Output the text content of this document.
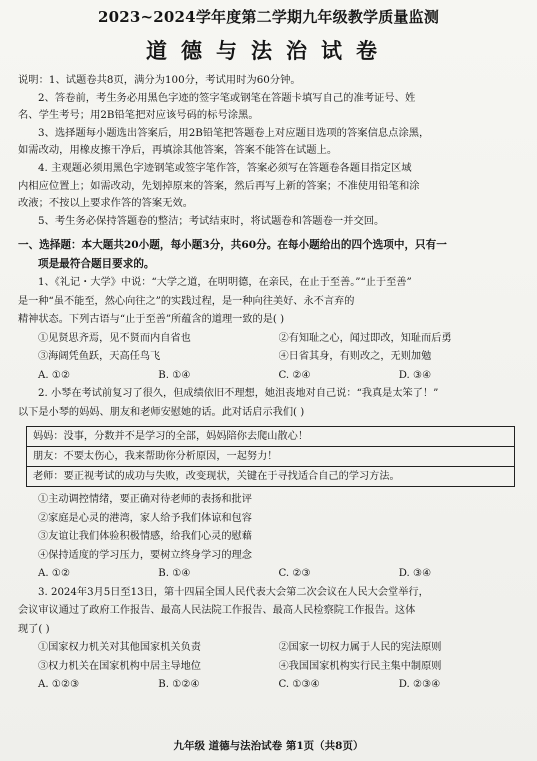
2023~2024学年度第二学期九年级教学质量监测
道德与法治试卷

说明：1、试题卷共8页，满分为100分，考试用时为60分钟。

2、答卷前，考生务必用黑色字迹的签字笔或钢笔在答题卡填写自己的准考证号、姓

名、学生考号；用2B铅笔把对应该号码的标号涂黑。

3、选择题每小题选出答案后，用2B铅笔把答题卷上对应题目选项的答案信息点涂黑，

如需改动，用橡皮擦干净后，再填涂其他答案，答案不能答在试题上。

4. 主观题必须用黑色字迹钢笔或签字笔作答，答案必须写在答题卷各题目指定区域

内相应位置上；如需改动，先划掉原来的答案，然后再写上新的答案；不准使用铅笔和涂

改液；不按以上要求作答的答案无效。

5、考生务必保持答题卷的整洁；考试结束时，将试题卷和答题卷一并交回。

一、选择题：本大题共20小题，每小题3分，共60分。在每小题给出的四个选项中，只有一
项是最符合题目要求的。

1、《礼记・大学》中说：“大学之道，在明明德，在亲民，在止于至善。”“止于至善”

是一种“虽不能至，然心向往之”的实践过程，是一种向往美好、永不言弃的

精神状态。下列古语与“止于至善”所蕴含的道理一致的是( )

①见贤思齐焉，见不贤而内自省也	②有知耻之心，闻过即改，知耻而后勇
③海阔凭鱼跃，天高任鸟飞	④日省其身，有则改之，无则加勉
A. ①②	B. ①④	C. ②④	D. ③④

2. 小琴在考试前复习了很久，但成绩依旧不理想，她沮丧地对自己说：“我真是太笨了！”

以下是小琴的妈妈、朋友和老师安慰她的话。此对话启示我们( )

妈妈：没事，分数并不是学习的全部，妈妈陪你去爬山散心！
朋友：不要太伤心，我来帮助你分析原因，一起努力！
老师：要正视考试的成功与失败，改变现状，关键在于寻找适合自己的学习方法。

①主动调控情绪，要正确对待老师的表扬和批评

②家庭是心灵的港湾，家人给予我们体谅和包容

③友谊让我们体验积极情感，给我们心灵的慰藉

④保持适度的学习压力，要树立终身学习的理念

A. ①②	B. ①④	C. ②③	D. ③④

3. 2024年3月5日至13日，第十四届全国人民代表大会第二次会议在人民大会堂举行，

会议审议通过了政府工作报告、最高人民法院工作报告、最高人民检察院工作报告。这体

现了( )

①国家权力机关对其他国家机关负责	②国家一切权力属于人民的宪法原则
③权力机关在国家机构中居主导地位	④我国国家机构实行民主集中制原则
A. ①②③	B. ①②④	C. ①③④	D. ②③④
九年级 道德与法治试卷 第1页（共8页）
